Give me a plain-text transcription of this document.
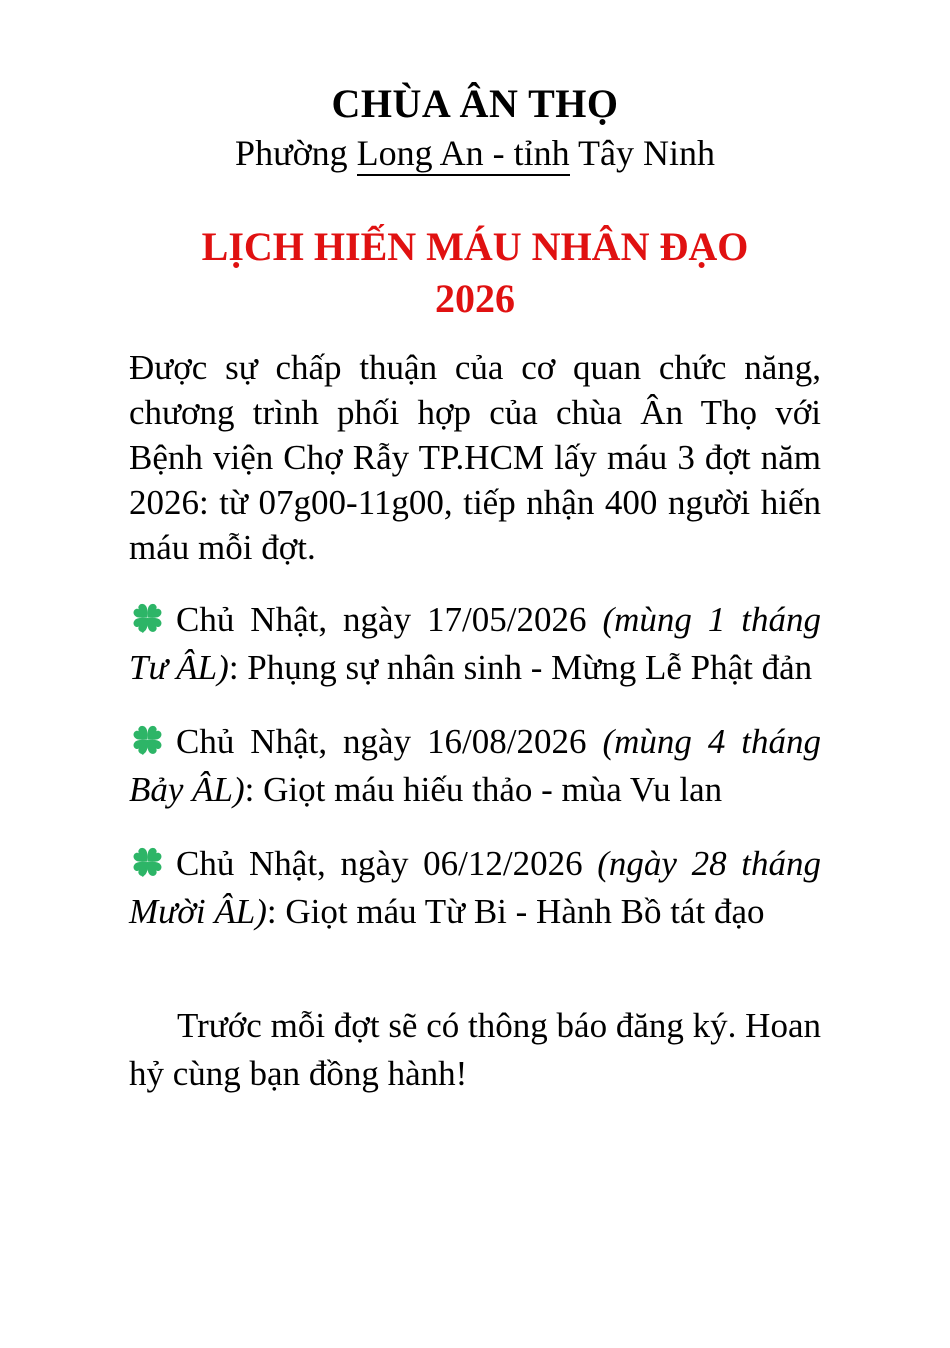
CHÙA ÂN THỌ
Phường Long An - tỉnh Tây Ninh
LỊCH HIẾN MÁU NHÂN ĐẠO
2026

Được sự chấp thuận của cơ quan chức năng, chương trình phối hợp của chùa Ân Thọ với Bệnh viện Chợ Rẫy TP.HCM lấy máu 3 đợt năm 2026: từ 07g00-11g00, tiếp nhận 400 người hiến máu mỗi đợt.

Chủ Nhật, ngày 17/05/2026 (mùng 1 tháng Tư ÂL): Phụng sự nhân sinh - Mừng Lễ Phật đản

Chủ Nhật, ngày 16/08/2026 (mùng 4 tháng Bảy ÂL): Giọt máu hiếu thảo - mùa Vu lan

Chủ Nhật, ngày 06/12/2026 (ngày 28 tháng Mười ÂL): Giọt máu Từ Bi - Hành Bồ tát đạo

Trước mỗi đợt sẽ có thông báo đăng ký. Hoan hỷ cùng bạn đồng hành!
